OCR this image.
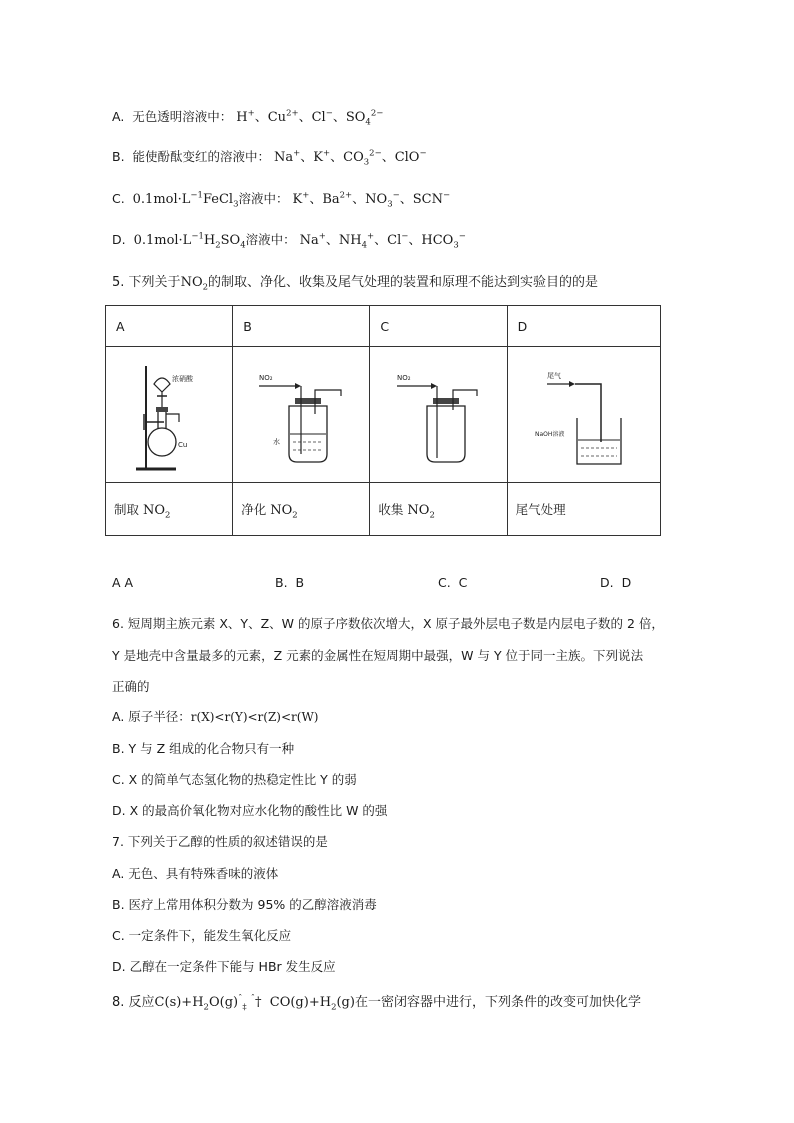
A. 无色透明溶液中： H+、$Cu^{2+}$、Cl−、$SO_4^{2-}$
B. 能使酚酞变红的溶液中： Na+、K+、$CO_3^{2-}$、ClO−
C. $0.1mol\cdot L^{-1}FeCl_3$溶液中： K+、$Ba^{2+}$、$NO_3^-$、SCN−
D. $0.1mol\cdot L^{-1}H_2SO_4$溶液中： Na+、$NH_4^+$、Cl−、$HCO_3^-$
5. 下列关于$NO_2$的制取、净化、收集及尾气处理的装置和原理不能达到实验目的的是
A	B	C	D

浓硝酸
Cu	NO₂
水	NO₂	尾气
NaOH溶液

制取 $NO_2$	净化 $NO_2$	收集 $NO_2$	尾气处理
A A	B. B	C. C	D. D
6. 短周期主族元素 X、Y、Z、W 的原子序数依次增大，X 原子最外层电子数是内层电子数的 2 倍，
Y 是地壳中含量最多的元素，Z 元素的金属性在短周期中最强，W 与 Y 位于同一主族。下列说法
正确的
A. 原子半径：r(X)<r(Y)<r(Z)<r(W)
B. Y 与 Z 组成的化合物只有一种
C. X 的简单气态氢化物的热稳定性比 Y 的弱
D. X 的最高价氧化物对应水化物的酸性比 W 的强
7. 下列关于乙醇的性质的叙述错误的是
A. 无色、具有特殊香味的液体
B. 医疗上常用体积分数为 95% 的乙醇溶液消毒
C. 一定条件下，能发生氧化反应
D. 乙醇在一定条件下能与 HBr 发生反应
8. 反应$C(s)+H_2O(g)^ˆ_\ddagger$ $^ˆ$†  $CO(g)+H_2(g)$在一密闭容器中进行，下列条件的改变可加快化学
